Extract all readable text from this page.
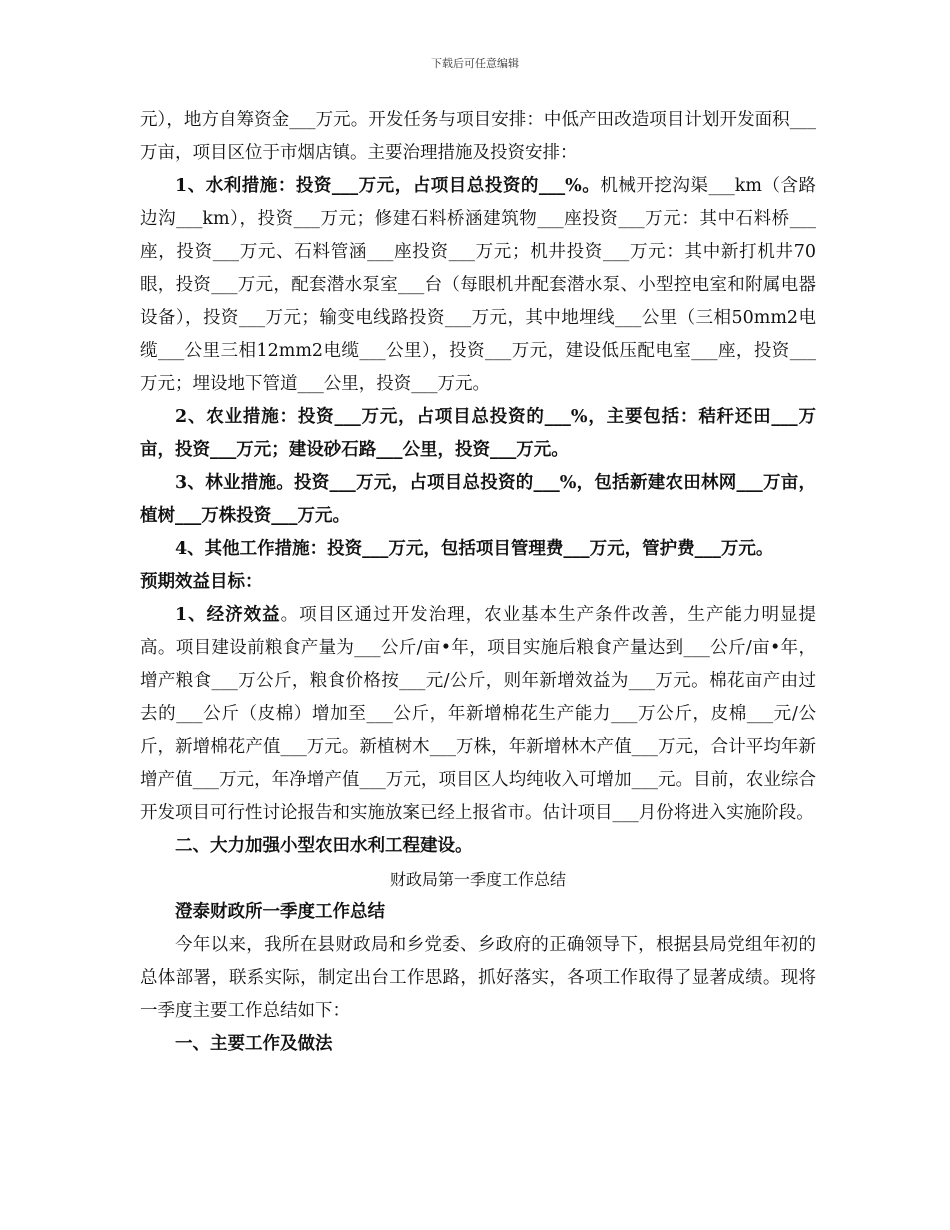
下载后可任意编辑

元），地方自筹资金___万元。开发任务与项目安排：中低产田改造项目计划开发面积___万亩，项目区位于市烟店镇。主要治理措施及投资安排：

1、水利措施：投资___万元，占项目总投资的___%。机械开挖沟渠___km（含路边沟___km），投资___万元；修建石料桥涵建筑物___座投资___万元：其中石料桥___座，投资___万元、石料管涵___座投资___万元；机井投资___万元：其中新打机井70眼，投资___万元，配套潜水泵室___台（每眼机井配套潜水泵、小型控电室和附属电器设备），投资___万元；输变电线路投资___万元，其中地埋线___公里（三相50mm2电缆___公里三相12mm2电缆___公里），投资___万元，建设低压配电室___座，投资___万元；埋设地下管道___公里，投资___万元。

2、农业措施：投资___万元，占项目总投资的___%，主要包括：秸秆还田___万亩，投资___万元；建设砂石路___公里，投资___万元。

3、林业措施。投资___万元，占项目总投资的___%，包括新建农田林网___万亩，植树___万株投资___万元。

4、其他工作措施：投资___万元，包括项目管理费___万元，管护费___万元。

预期效益目标：

1、经济效益。项目区通过开发治理，农业基本生产条件改善，生产能力明显提高。项目建设前粮食产量为___公斤/亩•年，项目实施后粮食产量达到___公斤/亩•年，增产粮食___万公斤，粮食价格按___元/公斤，则年新增效益为___万元。棉花亩产由过去的___公斤（皮棉）增加至___公斤，年新增棉花生产能力___万公斤，皮棉___元/公斤，新增棉花产值___万元。新植树木___万株，年新增林木产值___万元，合计平均年新增产值___万元，年净增产值___万元，项目区人均纯收入可增加___元。目前，农业综合开发项目可行性讨论报告和实施放案已经上报省市。估计项目___月份将进入实施阶段。

二、大力加强小型农田水利工程建设。

财政局第一季度工作总结

澄泰财政所一季度工作总结

今年以来，我所在县财政局和乡党委、乡政府的正确领导下，根据县局党组年初的总体部署，联系实际，制定出台工作思路，抓好落实，各项工作取得了显著成绩。现将一季度主要工作总结如下：

一、主要工作及做法
